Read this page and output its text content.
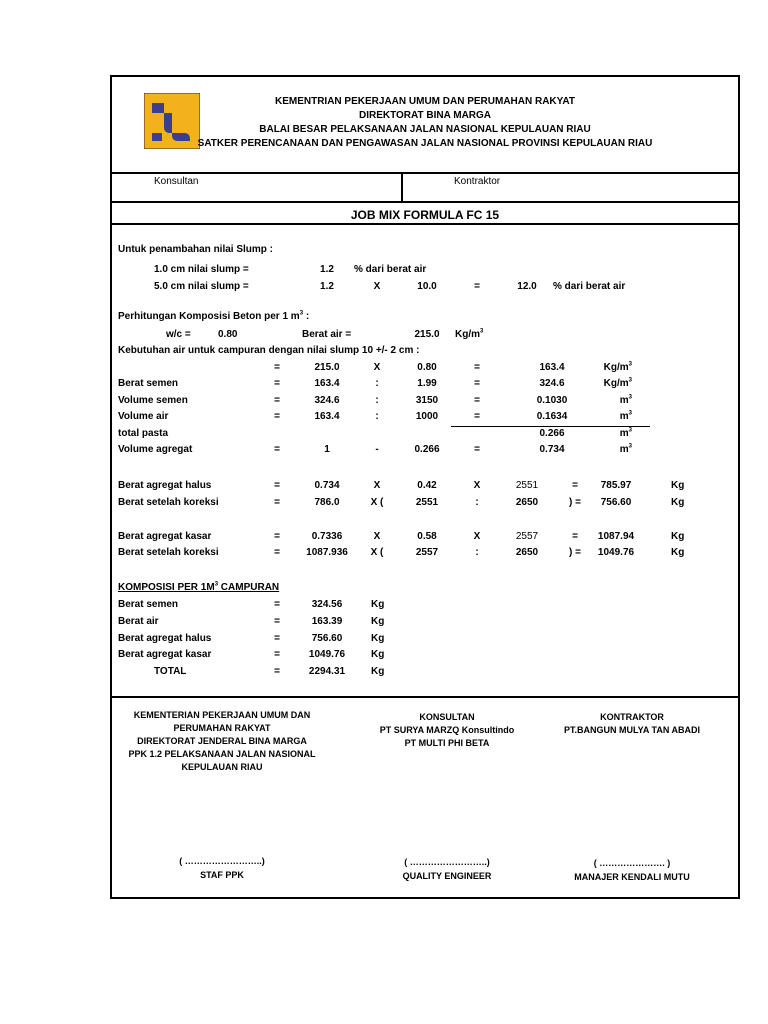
KEMENTRIAN PEKERJAAN UMUM DAN PERUMAHAN RAKYAT
DIREKTORAT BINA MARGA
BALAI BESAR PELAKSANAAN JALAN NASIONAL KEPULAUAN RIAU
SATKER PERENCANAAN DAN PENGAWASAN JALAN NASIONAL PROVINSI KEPULAUAN RIAU
Konsultan	Kontraktor
JOB MIX FORMULA FC 15
Untuk penambahan nilai Slump :
1.0 cm nilai slump =	1.2	% dari berat air
5.0 cm nilai slump =	1.2	X	10.0	=	12.0	% dari berat air
Perhitungan Komposisi Beton per 1 $m^3$ :
w/c =	0.80	Berat air =	215.0 $Kg/m^3$
Kebutuhan air untuk campuran dengan nilai slump 10 +/- 2 cm :
=	215.0	X	0.80	=	163.4	$Kg/m^3$
Berat semen	=	163.4	:	1.99	=	324.6	$Kg/m^3$
Volume semen	=	324.6	:	3150	=	0.1030	$m^3$
Volume air	=	163.4	:	1000	=	0.1634	$m^3$
total pasta	0.266	$m^3$
Volume agregat	=	1	-	0.266	=	0.734	$m^3$
Berat agregat halus	=	0.734	X	0.42	X	2551	=	785.97	Kg
Berat setelah koreksi	=	786.0	X (	2551	:	2650	) =	756.60	Kg
Berat agregat kasar	=	0.7336	X	0.58	X	2557	=	1087.94	Kg
Berat setelah koreksi	=	1087.936	X (	2557	:	2650	) =	1049.76	Kg
KOMPOSISI PER $1M^3$ CAMPURAN
Berat semen	=	324.56	Kg
Berat air	=	163.39	Kg
Berat agregat halus	=	756.60	Kg
Berat agregat kasar	=	1049.76	Kg
TOTAL	=	2294.31	Kg
KEMENTERIAN PEKERJAAN UMUM DAN
PERUMAHAN RAKYAT
DIREKTORAT JENDERAL BINA MARGA
PPK 1.2 PELAKSANAAN JALAN NASIONAL
KEPULAUAN RIAU
KONSULTAN
PT SURYA MARZQ Konsultindo
PT MULTI PHI BETA
KONTRAKTOR
PT.BANGUN MULYA TAN ABADI
( ……………………..)
STAF PPK
( ……………………..)
QUALITY ENGINEER
( …………………. )
MANAJER KENDALI MUTU
